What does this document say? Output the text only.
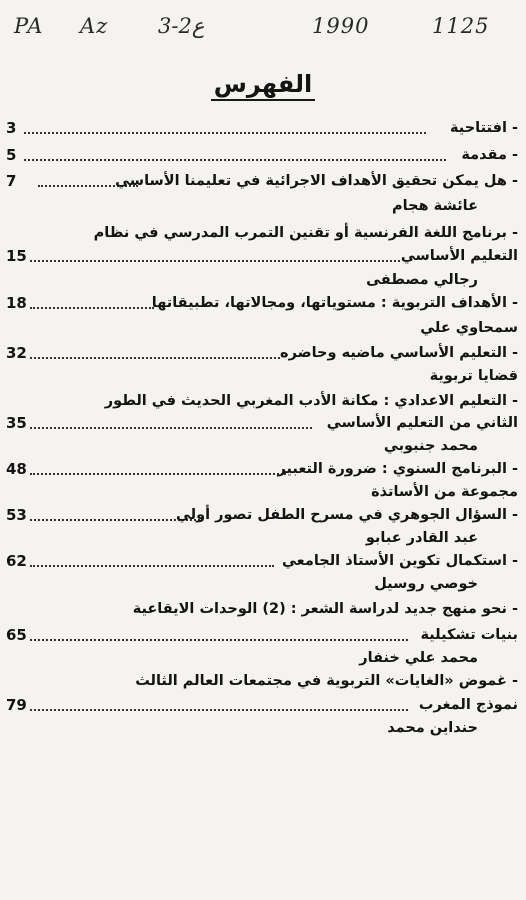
PA Az 3-2ع	1990	1125
الفهرس
3	- افتتاحية
5	- مقدمة
7	- هل يمكن تحقيق الأهداف الاجرائية في تعليمنا الأساسي
عائشة هجام
- برنامج اللغة الفرنسية أو تقنين التمرب المدرسي في نظام
15	التعليم الأساسي
رجالي مصطفى
18	- الأهداف التربوية : مستوياتها، ومجالاتها، تطبيقاتها
سمحاوي علي
32	- التعليم الأساسي ماضيه وحاضره
قضايا تربوية
- التعليم الاعدادي : مكانة الأدب المغربي الحديث في الطور
35	الثاني من التعليم الأساسي
محمد جنبوبي
48	- البرنامج السنوي : ضرورة التعبير
مجموعة من الأساتذة
53	- السؤال الجوهري في مسرح الطفل تصور أولي
عبد القادر عبابو
62	- استكمال تكوين الأستاذ الجامعي
خوصي روسيل
- نحو منهج جديد لدراسة الشعر : (2) الوحدات الايقاعية
65	بنيات تشكيلية
محمد علي خنفار
- غموض «الغايات» التربوية في مجتمعات العالم الثالث
79	نموذج المغرب
حنداين محمد
